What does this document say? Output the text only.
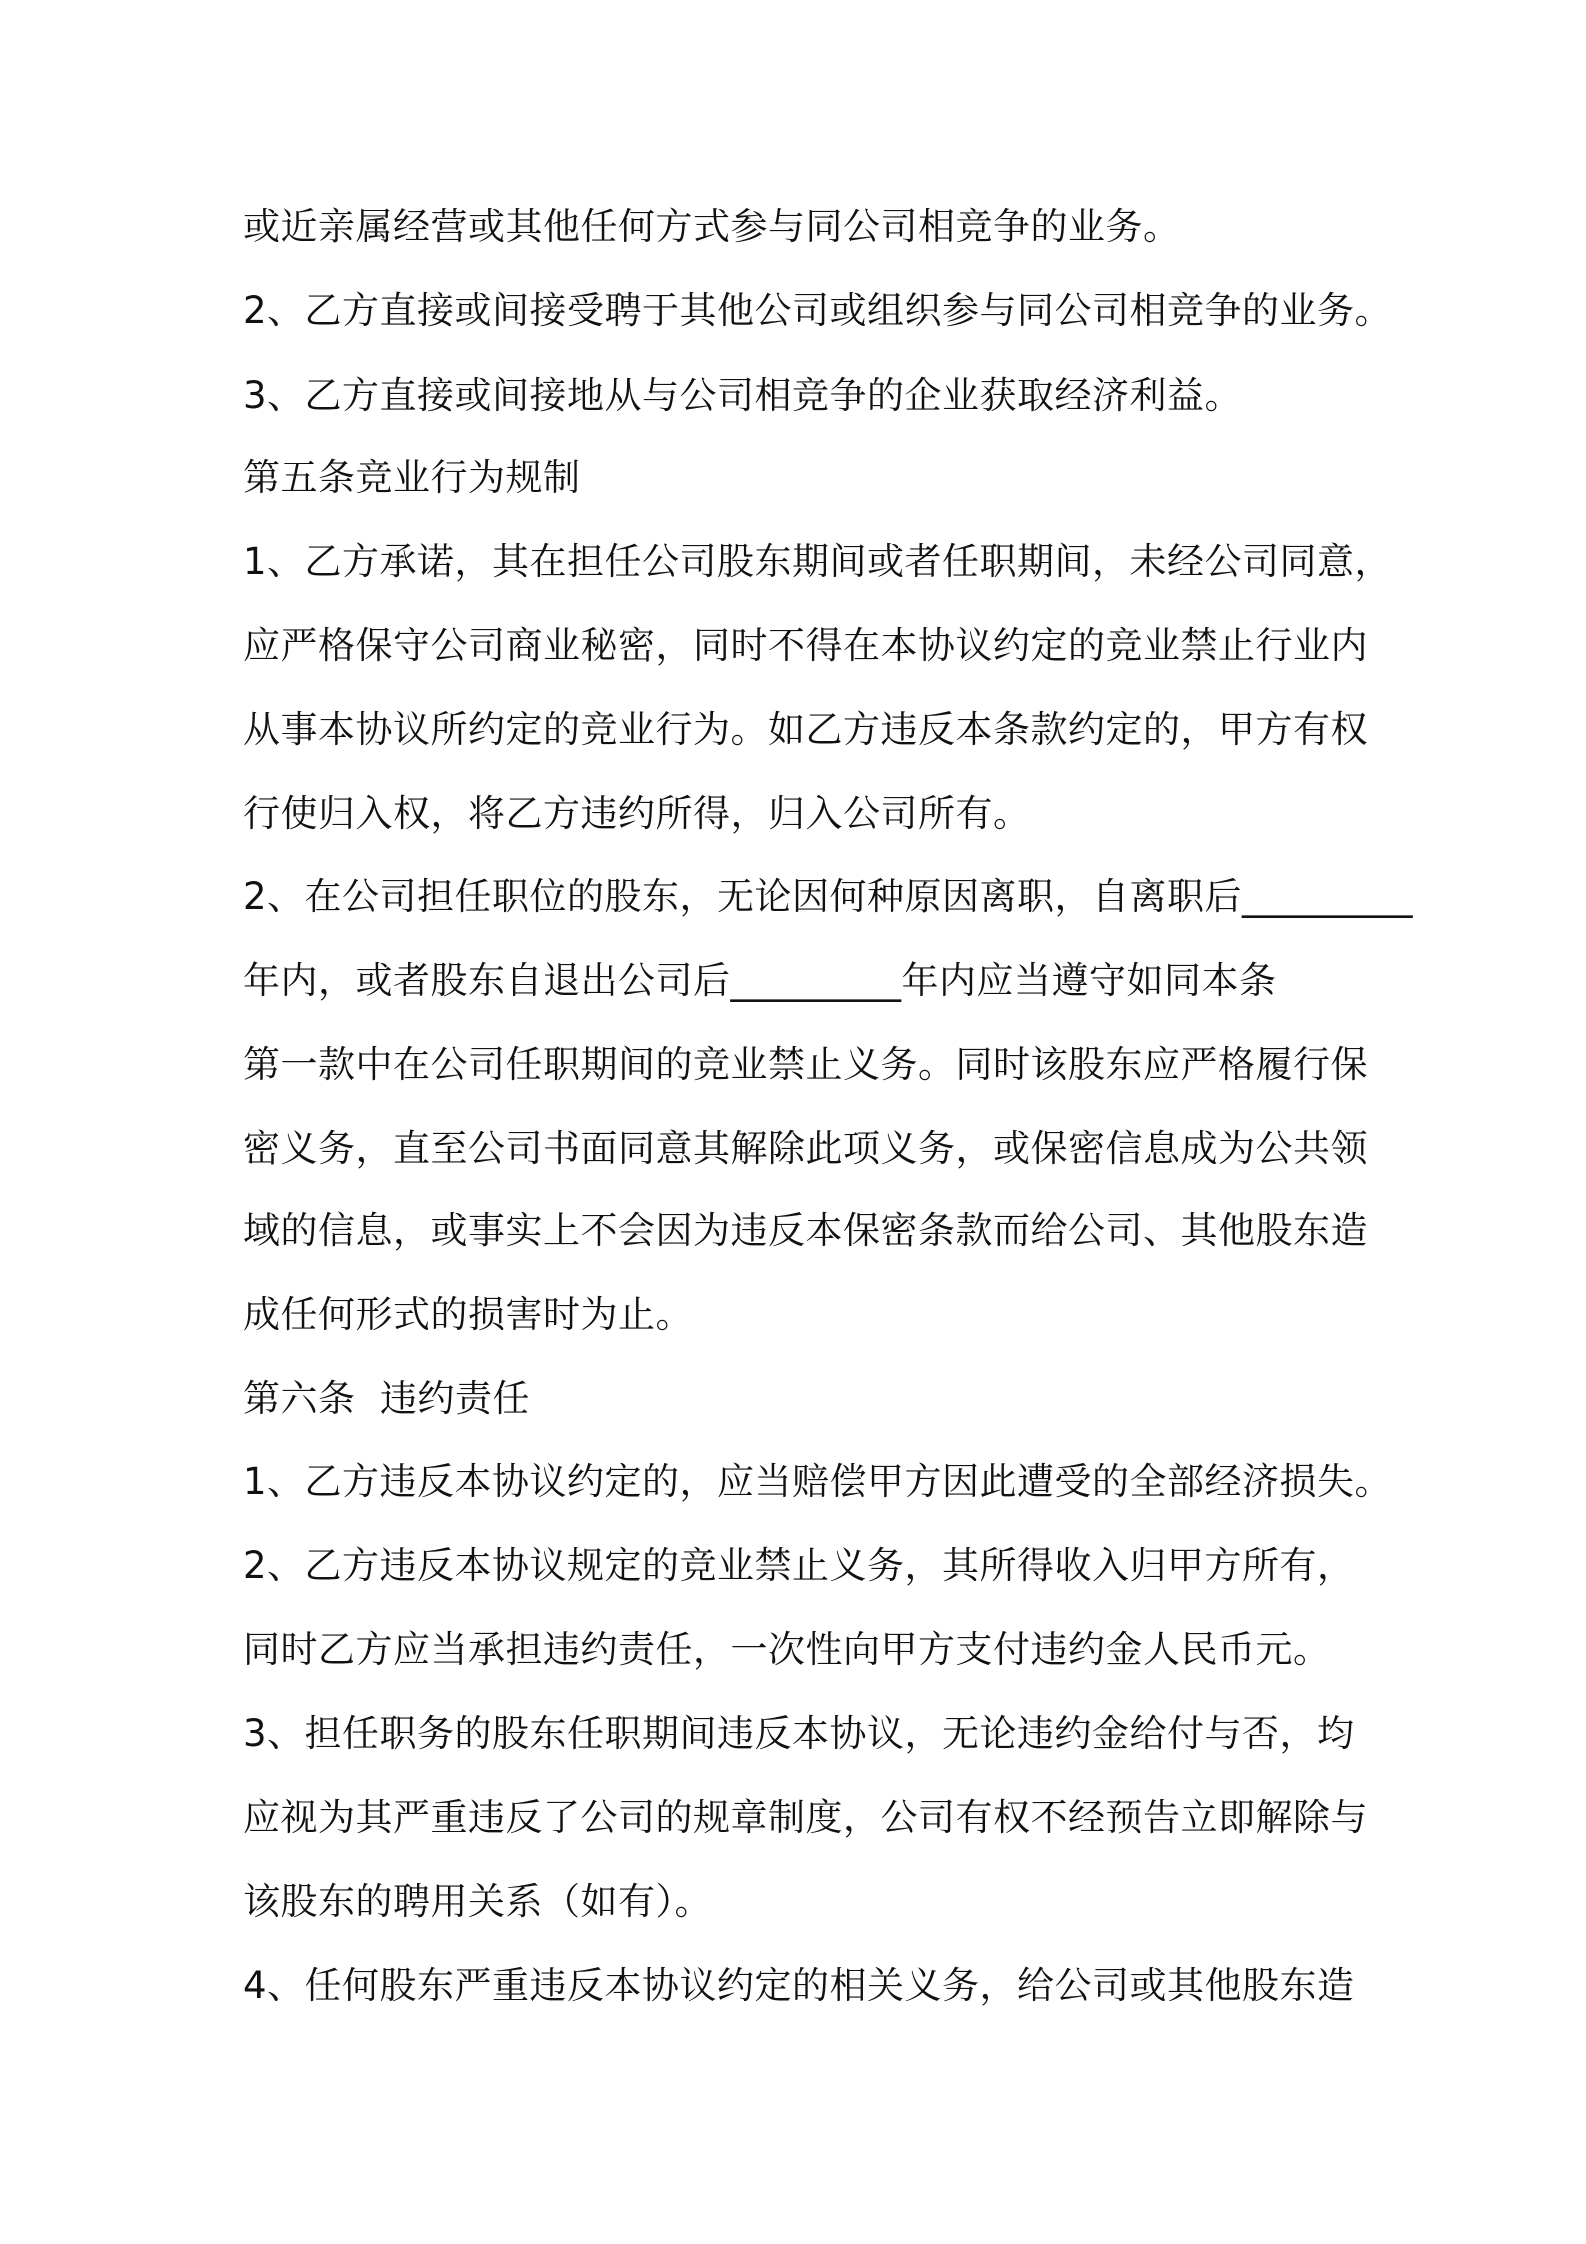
或近亲属经营或其他任何方式参与同公司相竞争的业务。
2、乙方直接或间接受聘于其他公司或组织参与同公司相竞争的业务。
3、乙方直接或间接地从与公司相竞争的企业获取经济利益。
第五条竞业行为规制
1、乙方承诺，其在担任公司股东期间或者任职期间，未经公司同意，
应严格保守公司商业秘密，同时不得在本协议约定的竞业禁止行业内
从事本协议所约定的竞业行为。如乙方违反本条款约定的，甲方有权
行使归入权，将乙方违约所得，归入公司所有。
2、在公司担任职位的股东，无论因何种原因离职，自离职后_________
年内，或者股东自退出公司后_________年内应当遵守如同本条
第一款中在公司任职期间的竞业禁止义务。同时该股东应严格履行保
密义务，直至公司书面同意其解除此项义务，或保密信息成为公共领
域的信息，或事实上不会因为违反本保密条款而给公司、其他股东造
成任何形式的损害时为止。
第六条  违约责任
1、乙方违反本协议约定的，应当赔偿甲方因此遭受的全部经济损失。
2、乙方违反本协议规定的竞业禁止义务，其所得收入归甲方所有，
同时乙方应当承担违约责任，一次性向甲方支付违约金人民币元。
3、担任职务的股东任职期间违反本协议，无论违约金给付与否，均
应视为其严重违反了公司的规章制度，公司有权不经预告立即解除与
该股东的聘用关系（如有）。
4、任何股东严重违反本协议约定的相关义务，给公司或其他股东造
